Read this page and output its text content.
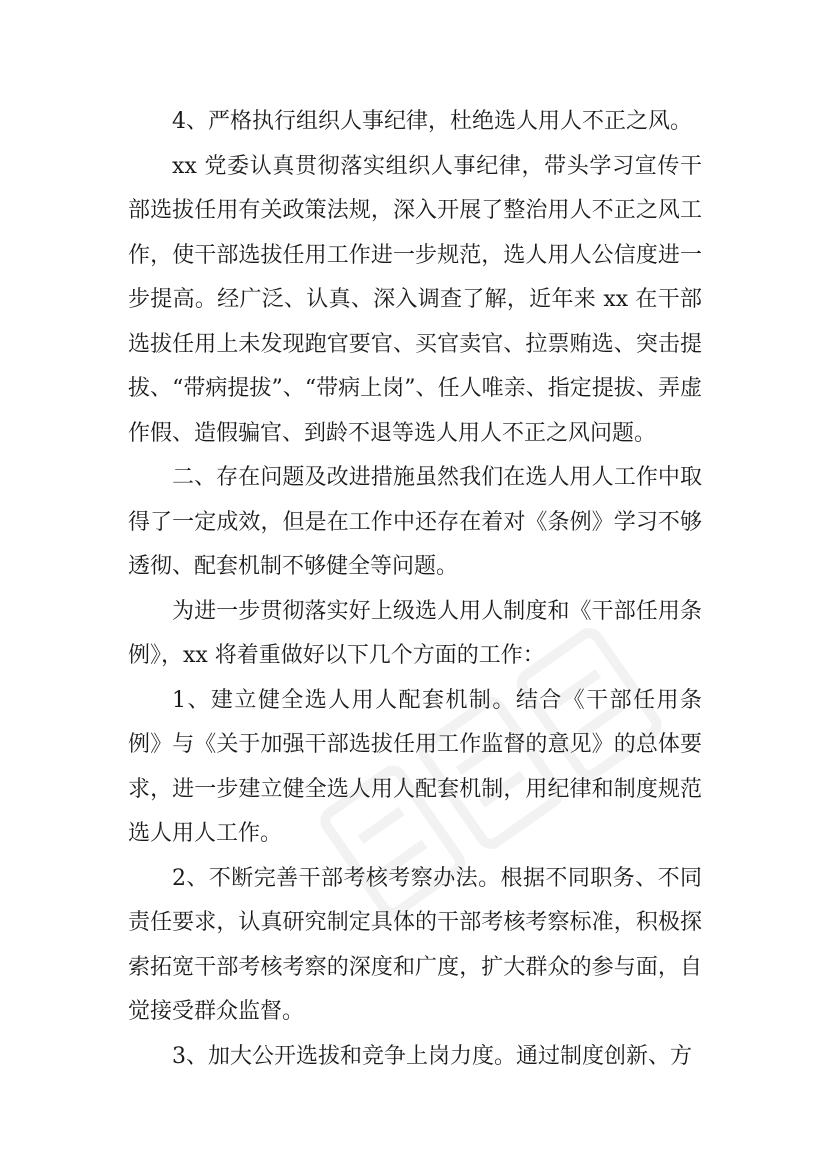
4、严格执行组织人事纪律，杜绝选人用人不正之风。

xx 党委认真贯彻落实组织人事纪律，带头学习宣传干部选拔任用有关政策法规，深入开展了整治用人不正之风工作，使干部选拔任用工作进一步规范，选人用人公信度进一步提高。经广泛、认真、深入调查了解，近年来 xx 在干部选拔任用上未发现跑官要官、买官卖官、拉票贿选、突击提拔、“带病提拔”、“带病上岗”、任人唯亲、指定提拔、弄虚作假、造假骗官、到龄不退等选人用人不正之风问题。

二、存在问题及改进措施虽然我们在选人用人工作中取得了一定成效，但是在工作中还存在着对《条例》学习不够透彻、配套机制不够健全等问题。

为进一步贯彻落实好上级选人用人制度和《干部任用条例》，xx 将着重做好以下几个方面的工作：

1、建立健全选人用人配套机制。结合《干部任用条例》与《关于加强干部选拔任用工作监督的意见》的总体要求，进一步建立健全选人用人配套机制，用纪律和制度规范选人用人工作。

2、不断完善干部考核考察办法。根据不同职务、不同责任要求，认真研究制定具体的干部考核考察标准，积极探索拓宽干部考核考察的深度和广度，扩大群众的参与面，自觉接受群众监督。

3、加大公开选拔和竞争上岗力度。通过制度创新、方
